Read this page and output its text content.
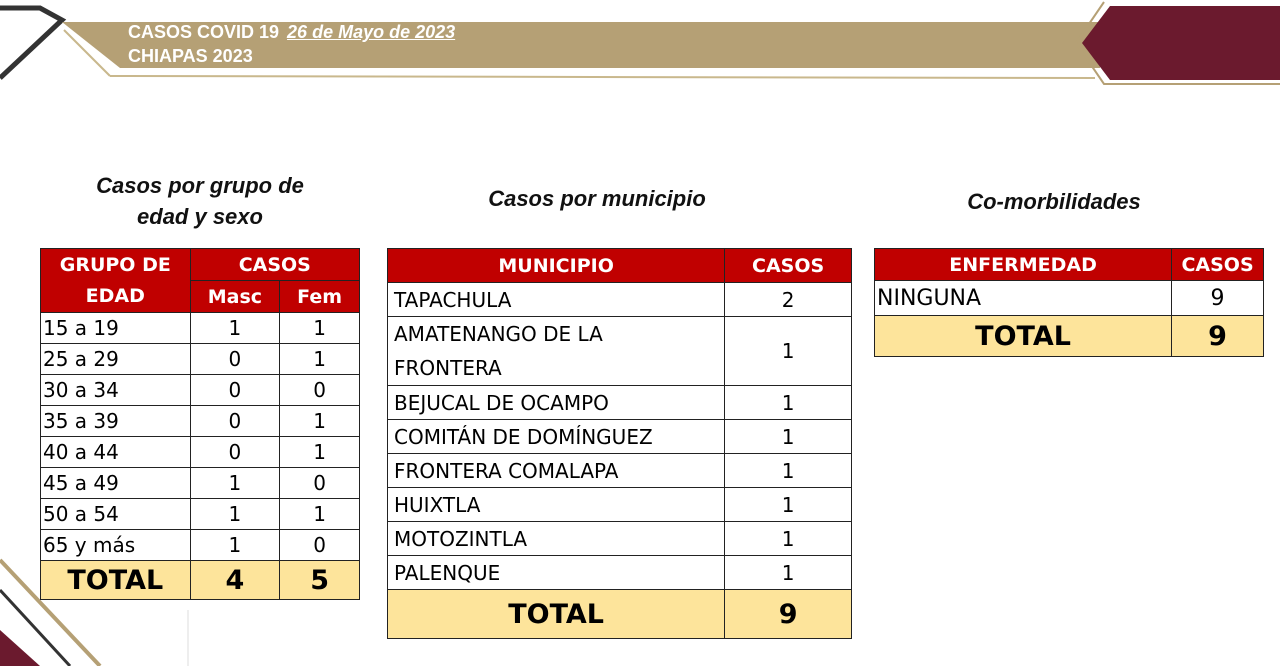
CASOS COVID 19 26 de Mayo de 2023
CHIAPAS 2023
Casos por grupo de
edad y sexo
Casos por municipio	Co-morbilidades
GRUPO DE
EDAD	CASOS	
	Masc	Fem
15 a 19	1	1
25 a 29	0	1
30 a 34	0	0
35 a 39	0	1
40 a 44	0	1
45 a 49	1	0
50 a 54	1	1
65 y más	1	0
TOTAL	4	5
MUNICIPIO	CASOS
TAPACHULA	2

AMATENANGO DE LA
FRONTERA	1
BEJUCAL DE OCAMPO	1
COMITÁN DE DOMÍNGUEZ	1
FRONTERA COMALAPA	1
HUIXTLA	1
MOTOZINTLA	1
PALENQUE	1
TOTAL	9
ENFERMEDAD	CASOS
NINGUNA	9
TOTAL	9
